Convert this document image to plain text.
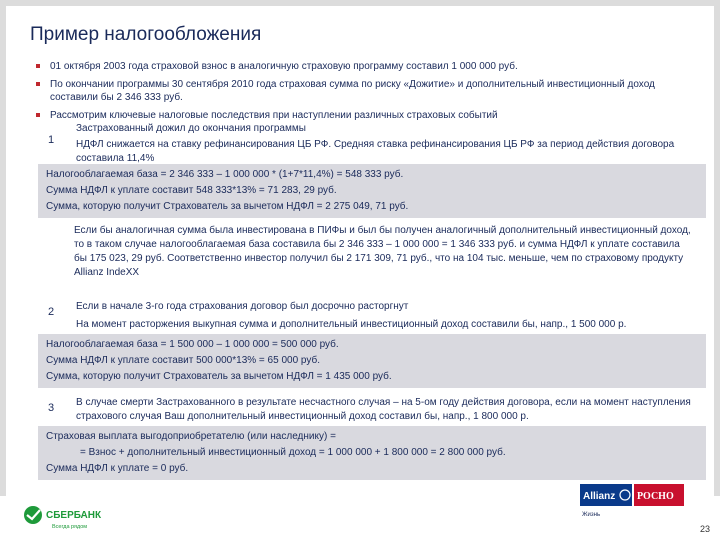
Пример налогообложения
01 октября 2003 года страховой взнос в аналогичную страховую программу составил 1 000 000 руб.
По окончании программы 30 сентября 2010 года страховая сумма по риску «Дожитие» и дополнительный инвестиционный доход составили бы 2 346 333 руб.
Рассмотрим ключевые налоговые последствия при наступлении различных страховых событий
1

Застрахованный дожил до окончания программы

НДФЛ снижается на ставку рефинансирования ЦБ РФ. Средняя ставка рефинансирования ЦБ РФ за период действия договора составила 11,4%

Налогооблагаемая база = 2 346 333 – 1 000 000 * (1+7*11,4%) = 548 333 руб.

Сумма НДФЛ к уплате составит 548 333*13% = 71 283, 29 руб.

Сумма, которую получит Страхователь за вычетом НДФЛ = 2 275 049, 71 руб.

Если бы аналогичная сумма была инвестирована в ПИФы и был бы получен аналогичный дополнительный инвестиционный доход, то в таком случае налогооблагаемая база составила бы 2 346 333 – 1 000 000 = 1 346 333 руб. и сумма НДФЛ к уплате составила бы 175 023, 29 руб. Соответственно инвестор получил бы 2 171 309, 71 руб., что на 104 тыс. меньше, чем по страховому продукту Allianz IndeXX

2 Если в начале 3-го года страхования договор был досрочно расторгнут

На момент расторжения выкупная сумма и дополнительный инвестиционный доход составили бы, напр., 1 500 000 р.

Налогооблагаемая база = 1 500 000 – 1 000 000 = 500 000 руб.

Сумма НДФЛ к уплате составит 500 000*13% = 65 000 руб.

Сумма, которую получит Страхователь за вычетом НДФЛ = 1 435 000 руб.

3 В случае смерти Застрахованного в результате несчастного случая – на 5-ом году действия договора, если на момент наступления страхового случая Ваш дополнительный инвестиционный доход составил бы, напр., 1 800 000 р.

Страховая выплата выгодоприобретателю (или наследнику) =

= Взнос + дополнительный инвестиционный доход = 1 000 000 + 1 800 000 = 2 800 000 руб.

Сумма НДФЛ к уплате = 0 руб.

СБЕРБАНК
Всегда рядом
Allianz РОСНО
Жизнь
23
